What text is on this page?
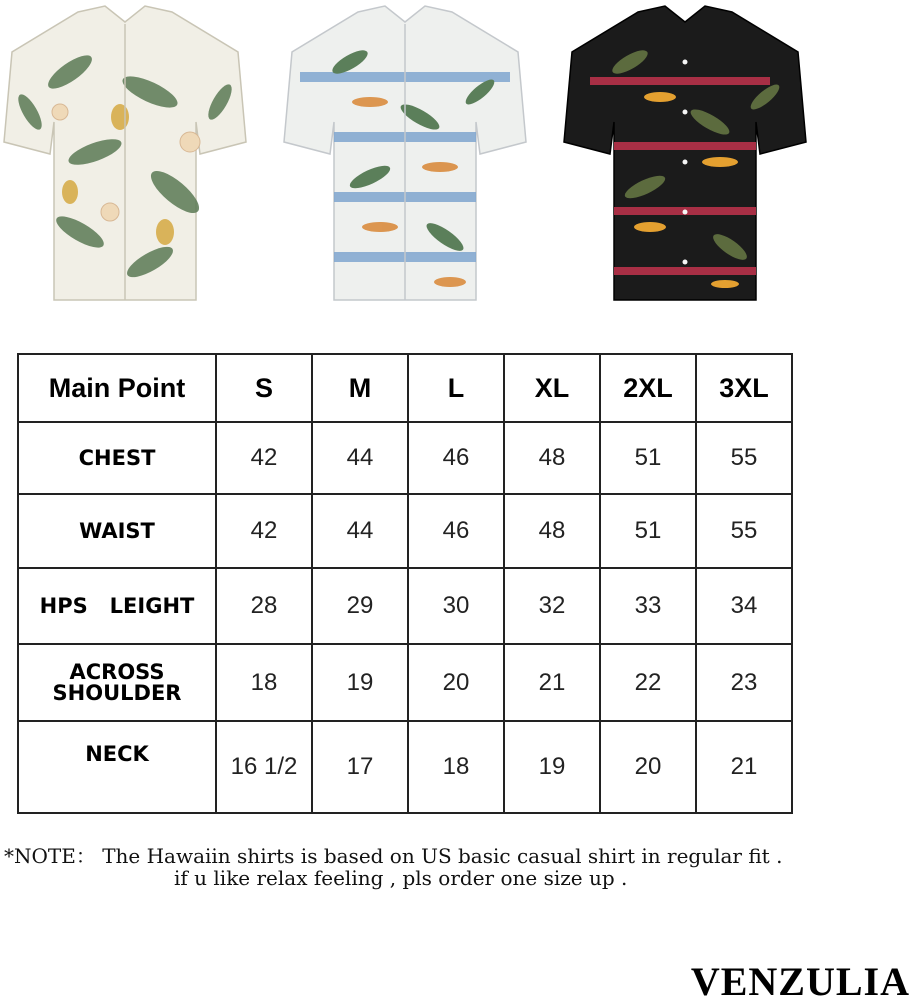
Main Point	S	M	L	XL	2XL	3XL

CHEST	42	44	46	48	51	55

WAIST	42	44	46	48	51	55

HPS   LEIGHT	28	29	30	32	33	34

ACROSS
SHOULDER	18	19	20	21	22	23

NECK	16 1/2	17	18	19	20	21
*NOTE： The Hawaiin shirts is based on US basic casual shirt in regular fit .
if u like relax feeling , pls order one size up .
VENZULIA
